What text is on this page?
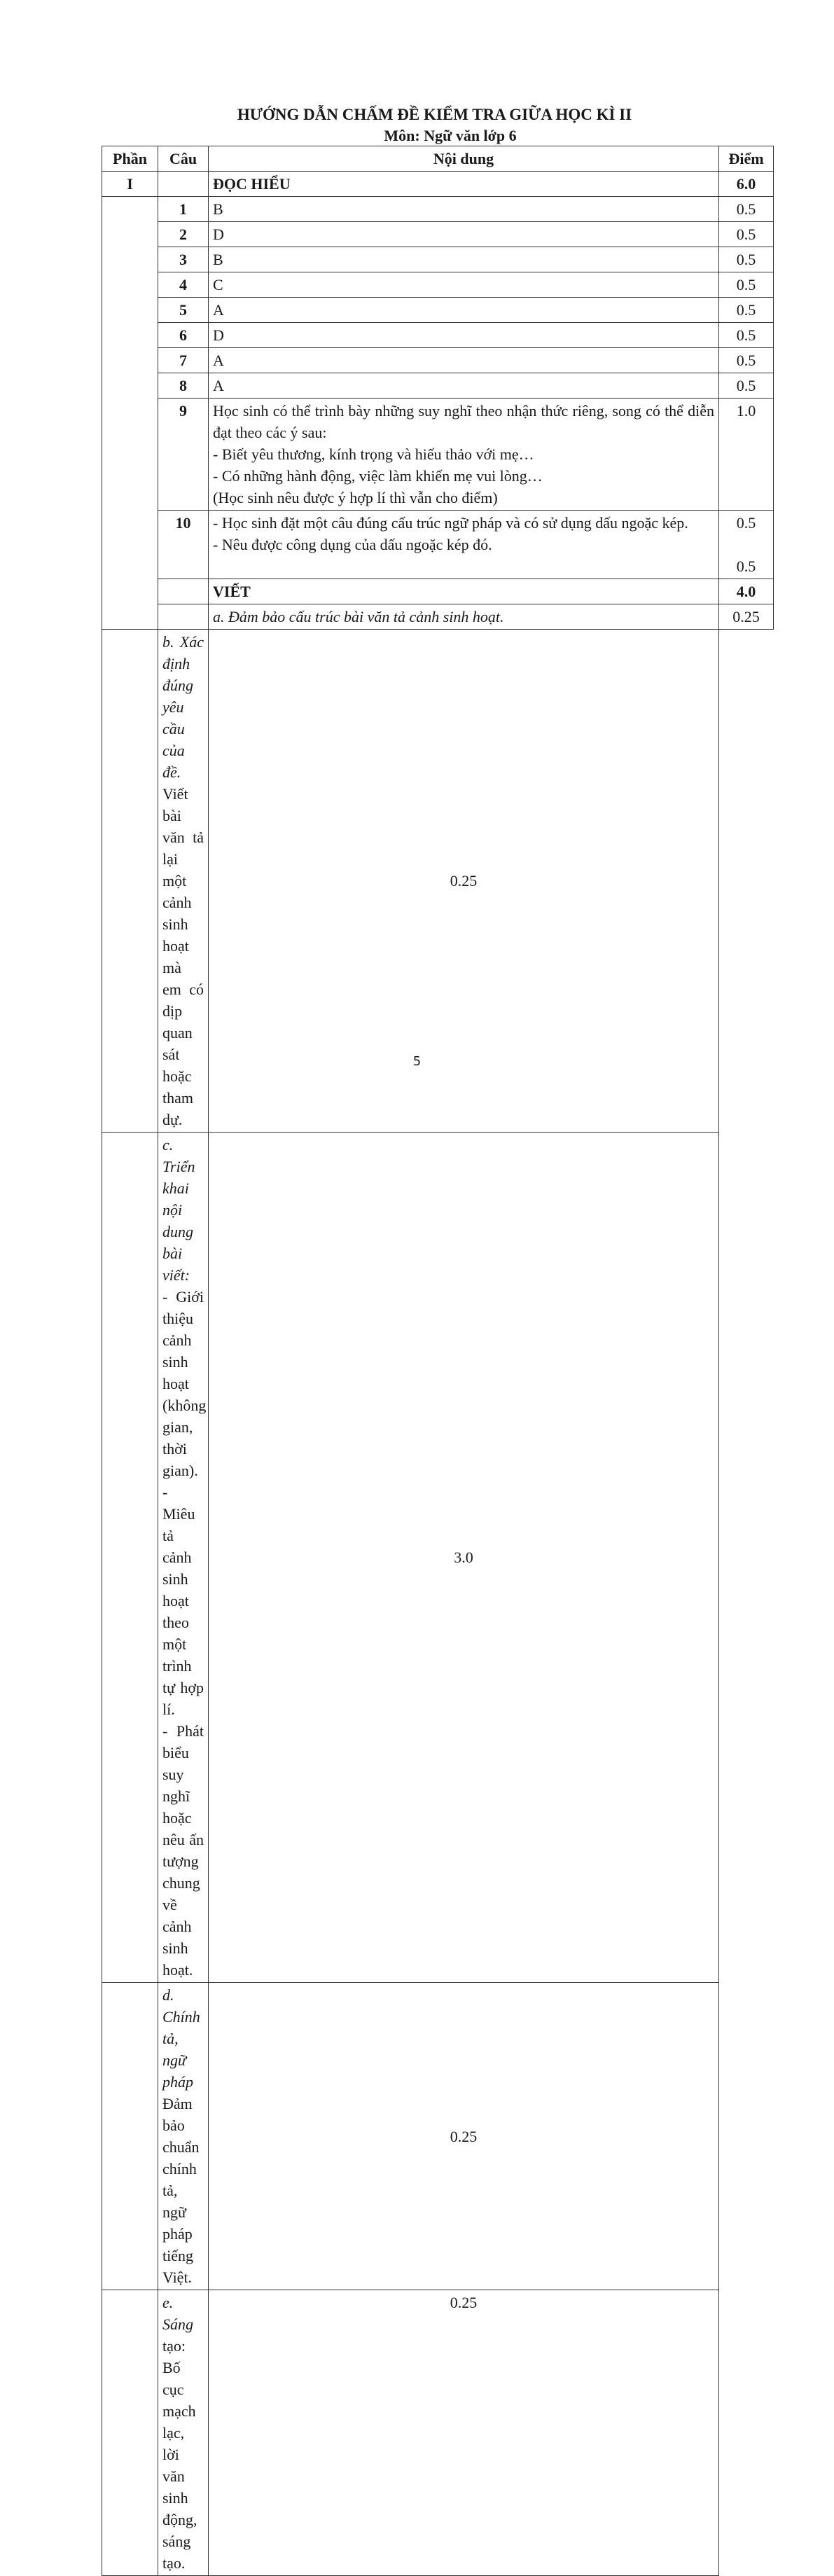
HƯỚNG DẪN CHẤM ĐỀ KIỂM TRA GIỮA HỌC KÌ II
Môn: Ngữ văn lớp 6
Phần	Câu	Nội dung	Điểm
I		ĐỌC HIỂU	6.0
	1	B	0.5
	2	D	0.5
	3	B	0.5
	4	C	0.5
	5	A	0.5
	6	D	0.5
	7	A	0.5
	8	A	0.5
	9	Học sinh có thể trình bày những suy nghĩ theo nhận thức riêng, song có thể diễn đạt theo các ý sau:
- Biết yêu thương, kính trọng và hiếu thảo với mẹ…
- Có những hành động, việc làm khiến mẹ vui lòng…
(Học sinh nêu được ý hợp lí thì vẫn cho điểm)	1.0
	10	- Học sinh đặt một câu đúng cấu trúc ngữ pháp và có sử dụng dấu ngoặc kép.
- Nêu được công dụng của dấu ngoặc kép đó.	0.5
0.5

		VIẾT	4.0
		a. Đảm bảo cấu trúc bài văn tả cảnh sinh hoạt.	0.25

	b. Xác định đúng yêu cầu của đề.
Viết bài văn tả lại một cảnh sinh hoạt mà em có dịp quan sát hoặc tham dự.	0.25	

	c. Triển khai nội dung bài viết:
- Giới thiệu cảnh sinh hoạt (không gian, thời gian).
- Miêu tả cảnh sinh hoạt theo một trình tự hợp lí.
- Phát biểu suy nghĩ hoặc nêu ấn tượng chung về cảnh sinh hoạt.	3.0	

	d. Chính tả, ngữ pháp
Đảm bảo chuẩn chính tả, ngữ pháp tiếng Việt.	0.25	
	e. Sáng tạo: Bố cục mạch lạc, lời văn sinh động, sáng tạo.	0.25	
5
